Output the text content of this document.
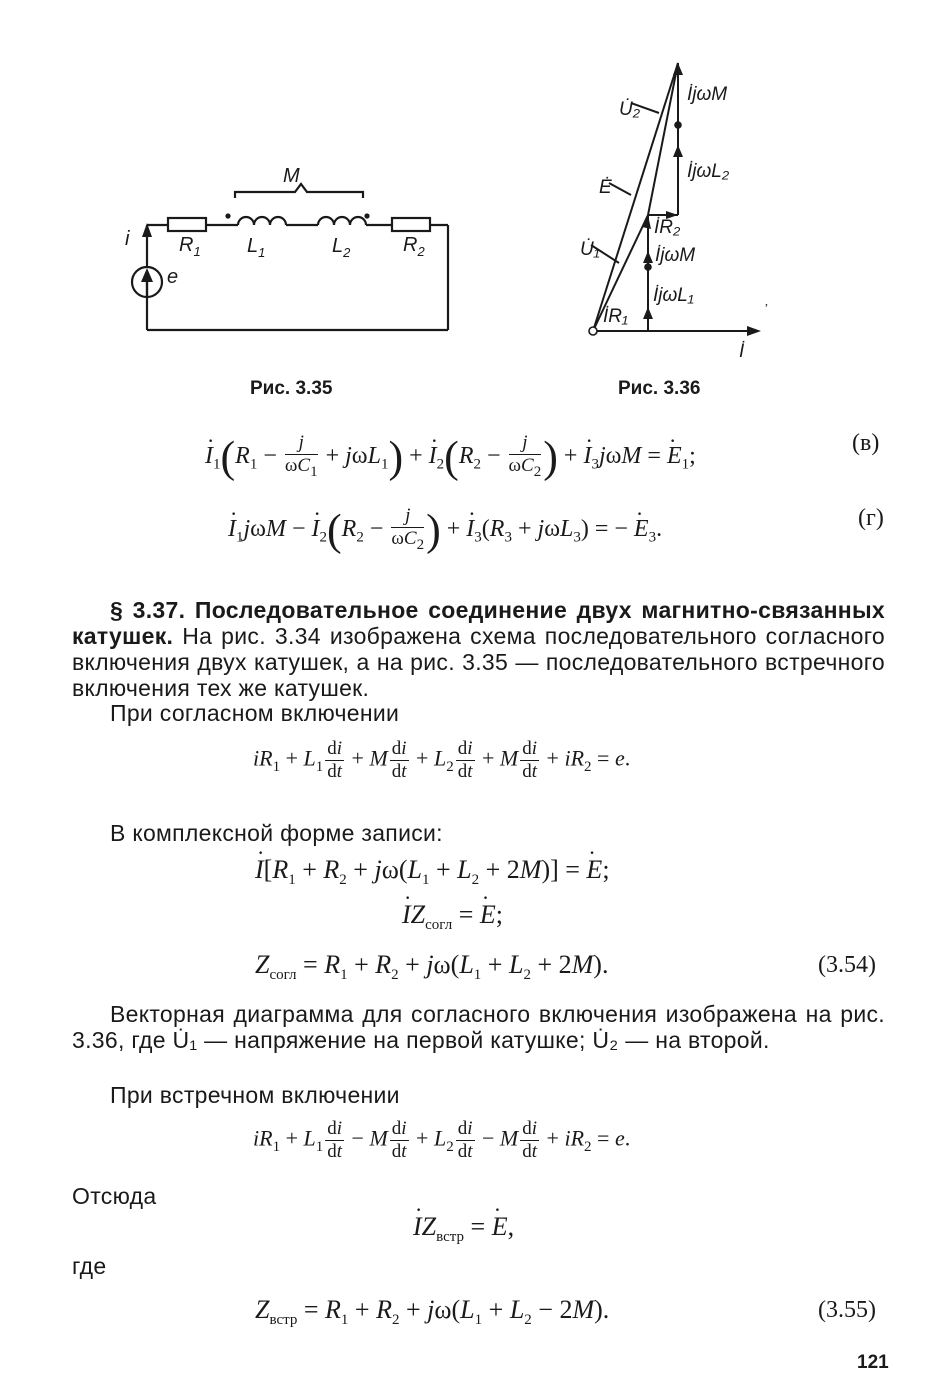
M
i
e
$R_1$ $L_1$	$L_2$	$R_2$
Рис. 3.35
İjωM
İjωL₂
İR₂
İjωM
İjωL₁
İR₁
U̇₂
Ė
U̇₁
İ
,
Рис. 3.36
· $I_1(R_1 - \frac{j}{\omega C_1} + j\omega L_1)$ + · $I_2(R_2 - \frac{j}{\omega C_2}$ ) + · $I_3j\omega M$ = · $E_1$;	(в)
· $I_1j\omega M$ − · $I_2(R_2 - \frac{j}{\omega C_2}$ ) + · $I_3(R_3 + j\omega L_3)$ = − · $E_3$.	(г)
§ 3.37. Последовательное соединение двух магнитно-связанных катушек. На рис. 3.34 изображена схема последовательного согласного включения двух катушек, а на рис. 3.35 — последовательного встречного включения тех же катушек.
При согласном включении
$iR_1 + L_1 \frac{di}{dt} + M \frac{di}{dt} + L_2 \frac{di}{dt} + M \frac{di}{dt} + iR_2 = e$.
В комплексной форме записи:
· $I[R_1 + R_2 + j\omega(L_1 + L_2 + 2M)]$ = · E;
· $IZ_{согл}$ = · E;
$Z_{согл} = R_1 + R_2 + j\omega(L_1 + L_2 + 2M)$.	(3.54)
Векторная диаграмма для согласного включения изображена на рис. 3.36, где U̇₁ — напряжение на первой катушке; U̇₂ — на второй.
При встречном включении
$iR_1 + L_1 \frac{di}{dt} - M \frac{di}{dt} + L_2 \frac{di}{dt} - M \frac{di}{dt} + iR_2 = e$.
Отсюда
· $IZ_{встр}$ = · E,
где
$Z_{встр} = R_1 + R_2 + j\omega(L_1 + L_2 - 2M)$.	(3.55)
121
